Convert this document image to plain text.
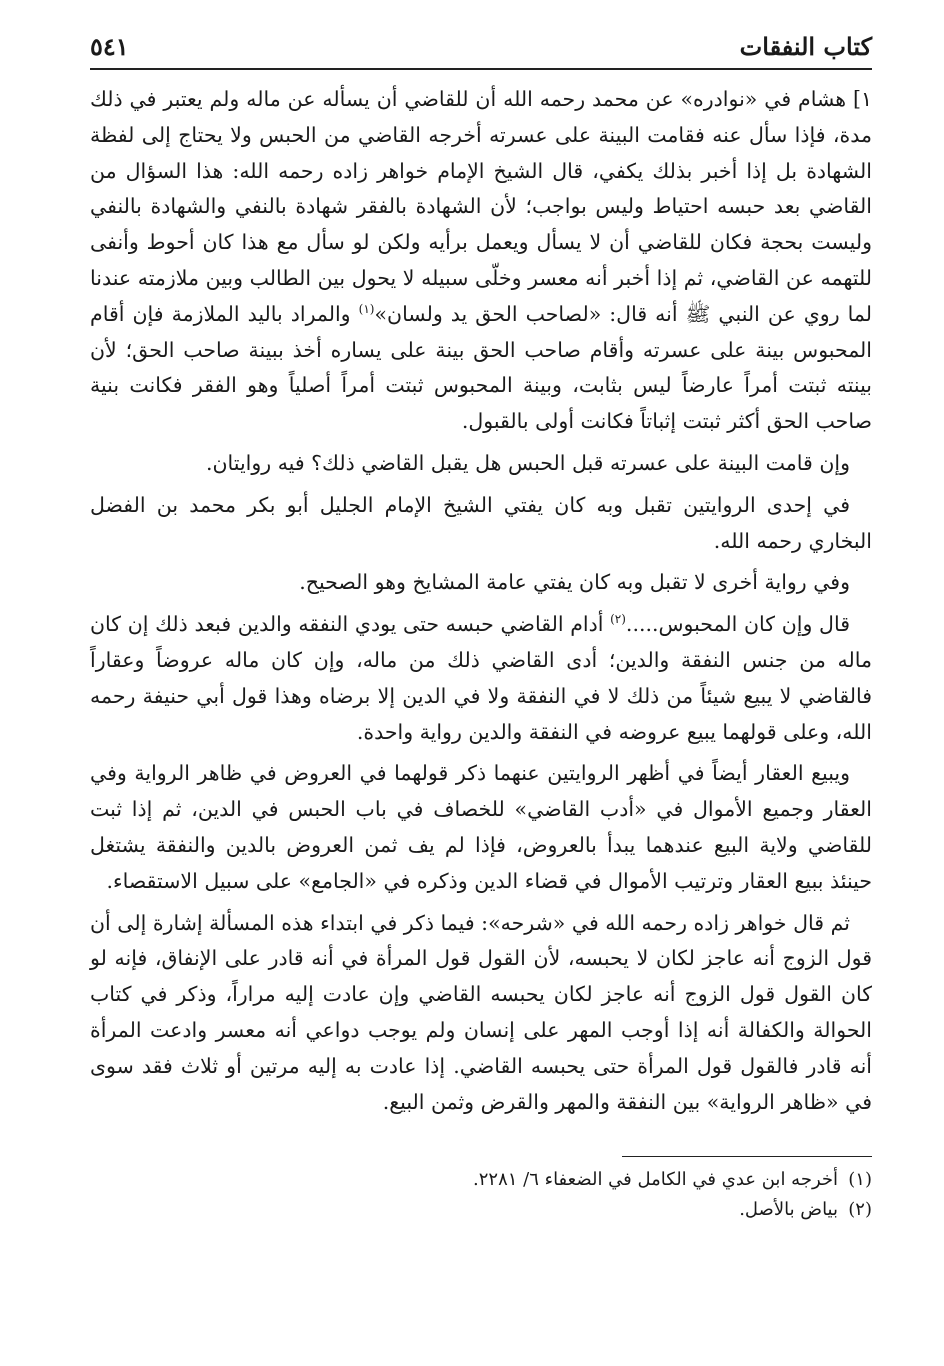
كتاب النفقات
٥٤١

١] هشام في «نوادره» عن محمد رحمه الله أن للقاضي أن يسأله عن ماله ولم يعتبر في ذلك مدة، فإذا سأل عنه فقامت البينة على عسرته أخرجه القاضي من الحبس ولا يحتاج إلى لفظة الشهادة بل إذا أخبر بذلك يكفي، قال الشيخ الإمام خواهر زاده رحمه الله: هذا السؤال من القاضي بعد حبسه احتياط وليس بواجب؛ لأن الشهادة بالفقر شهادة بالنفي والشهادة بالنفي وليست بحجة فكان للقاضي أن لا يسأل ويعمل برأيه ولكن لو سأل مع هذا كان أحوط وأنفى للتهمه عن القاضي، ثم إذا أخبر أنه معسر وخلّى سبيله لا يحول بين الطالب وبين ملازمته عندنا لما روي عن النبي ﷺ أنه قال: «لصاحب الحق يد ولسان»$^{(١)}$ والمراد باليد الملازمة فإن أقام المحبوس بينة على عسرته وأقام صاحب الحق بينة على يساره أخذ ببينة صاحب الحق؛ لأن بينته ثبتت أمراً عارضاً ليس بثابت، وبينة المحبوس ثبتت أمراً أصلياً وهو الفقر فكانت بنية صاحب الحق أكثر ثبتت إثباتاً فكانت أولى بالقبول.

وإن قامت البينة على عسرته قبل الحبس هل يقبل القاضي ذلك؟ فيه روايتان.

في إحدى الروايتين تقبل وبه كان يفتي الشيخ الإمام الجليل أبو بكر محمد بن الفضل البخاري رحمه الله.

وفي رواية أخرى لا تقبل وبه كان يفتي عامة المشايخ وهو الصحيح.

قال وإن كان المحبوس.....$^{(٢)}$ أدام القاضي حبسه حتى يودي النفقه والدين فبعد ذلك إن كان ماله من جنس النفقة والدين؛ أدى القاضي ذلك من ماله، وإن كان ماله عروضاً وعقاراً فالقاضي لا يبيع شيئاً من ذلك لا في النفقة ولا في الدين إلا برضاه وهذا قول أبي حنيفة رحمه الله، وعلى قولهما يبيع عروضه في النفقة والدين رواية واحدة.

ويبيع العقار أيضاً في أظهر الروايتين عنهما ذكر قولهما في العروض في ظاهر الرواية وفي العقار وجميع الأموال في «أدب القاضي» للخصاف في باب الحبس في الدين، ثم إذا ثبت للقاضي ولاية البيع عندهما يبدأ بالعروض، فإذا لم يف ثمن العروض بالدين والنفقة يشتغل حينئذ ببيع العقار وترتيب الأموال في قضاء الدين وذكره في «الجامع» على سبيل الاستقصاء.

ثم قال خواهر زاده رحمه الله في «شرحه»: فيما ذكر في ابتداء هذه المسألة إشارة إلى أن قول الزوج أنه عاجز لكان لا يحبسه، لأن القول قول المرأة في أنه قادر على الإنفاق، فإنه لو كان القول قول الزوج أنه عاجز لكان يحبسه القاضي وإن عادت إليه مراراً، وذكر في كتاب الحوالة والكفالة أنه إذا أوجب المهر على إنسان ولم يوجب دواعي أنه معسر وادعت المرأة أنه قادر فالقول قول المرأة حتى يحبسه القاضي. إذا عادت به إليه مرتين أو ثلاث فقد سوى في «ظاهر الرواية» بين النفقة والمهر والقرض وثمن البيع.

(١)أخرجه ابن عدي في الكامل في الضعفاء ٦/ ٢٢٨١.

(٢)بياض بالأصل.
